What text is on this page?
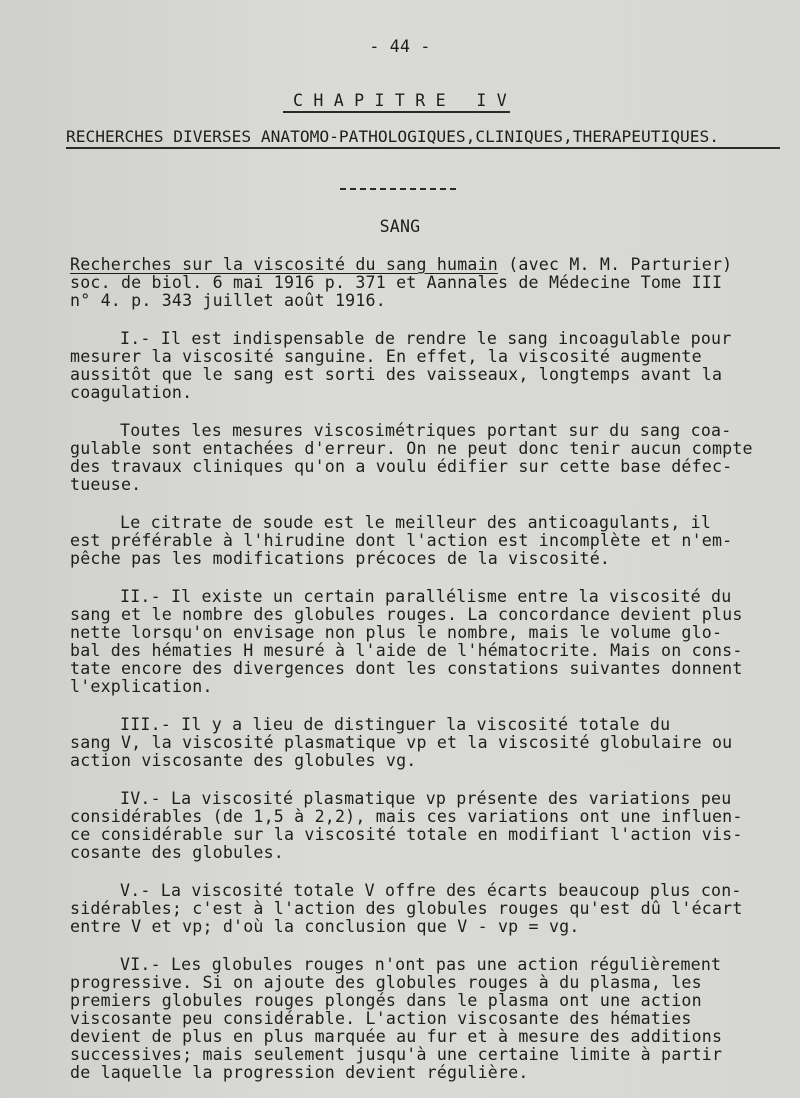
- 44 -
C H A P I T R E   I V
RECHERCHES DIVERSES ANATOMO-PATHOLOGIQUES,CLINIQUES,THERAPEUTIQUES.
SANG
Recherches sur la viscosité du sang humain (avec M. M. Parturier)
soc. de biol. 6 mai 1916 p. 371 et Aannales de Médecine Tome III
n° 4. p. 343 juillet août 1916.
I.- Il est indispensable de rendre le sang incoagulable pour
mesurer la viscosité sanguine. En effet, la viscosité augmente
aussitôt que le sang est sorti des vaisseaux, longtemps avant la
coagulation.
Toutes les mesures viscosimétriques portant sur du sang coa-
gulable sont entachées d'erreur. On ne peut donc tenir aucun compte
des travaux cliniques qu'on a voulu édifier sur cette base défec-
tueuse.
Le citrate de soude est le meilleur des anticoagulants, il
est préférable à l'hirudine dont l'action est incomplète et n'em-
pêche pas les modifications précoces de la viscosité.
II.- Il existe un certain parallélisme entre la viscosité du
sang et le nombre des globules rouges. La concordance devient plus
nette lorsqu'on envisage non plus le nombre, mais le volume glo-
bal des hématies H mesuré à l'aide de l'hématocrite. Mais on cons-
tate encore des divergences dont les constations suivantes donnent
l'explication.
III.- Il y a lieu de distinguer la viscosité totale du
sang V, la viscosité plasmatique vp et la viscosité globulaire ou
action viscosante des globules vg.
IV.- La viscosité plasmatique vp présente des variations peu
considérables (de 1,5 à 2,2), mais ces variations ont une influen-
ce considérable sur la viscosité totale en modifiant l'action vis-
cosante des globules.
V.- La viscosité totale V offre des écarts beaucoup plus con-
sidérables; c'est à l'action des globules rouges qu'est dû l'écart
entre V et vp; d'où la conclusion que V - vp = vg.
VI.- Les globules rouges n'ont pas une action régulièrement
progressive. Si on ajoute des globules rouges à du plasma, les
premiers globules rouges plongés dans le plasma ont une action
viscosante peu considérable. L'action viscosante des hématies
devient de plus en plus marquée au fur et à mesure des additions
successives; mais seulement jusqu'à une certaine limite à partir
de laquelle la progression devient régulière.
